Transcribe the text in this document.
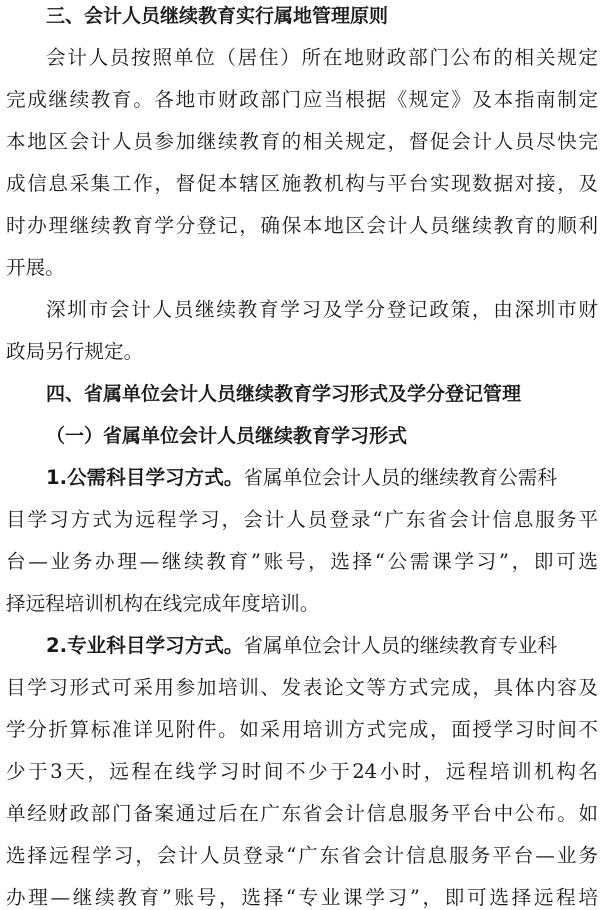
三、会计人员继续教育实行属地管理原则
会计人员按照单位（居住）所在地财政部门公布的相关规定
完成继续教育。各地市财政部门应当根据《规定》及本指南制定
本地区会计人员参加继续教育的相关规定，督促会计人员尽快完
成信息采集工作，督促本辖区施教机构与平台实现数据对接，及
时办理继续教育学分登记，确保本地区会计人员继续教育的顺利
开展。
深圳市会计人员继续教育学习及学分登记政策，由深圳市财
政局另行规定。
四、省属单位会计人员继续教育学习形式及学分登记管理
（一）省属单位会计人员继续教育学习形式
1.公需科目学习方式。省属单位会计人员的继续教育公需科
目学习方式为远程学习，会计人员登录“广东省会计信息服务平
台—业务办理—继续教育”账号，选择“公需课学习”，即可选
择远程培训机构在线完成年度培训。
2.专业科目学习方式。省属单位会计人员的继续教育专业科
目学习形式可采用参加培训、发表论文等方式完成，具体内容及
学分折算标准详见附件。如采用培训方式完成，面授学习时间不
少于3天，远程在线学习时间不少于24小时，远程培训机构名
单经财政部门备案通过后在广东省会计信息服务平台中公布。如
选择远程学习，会计人员登录“广东省会计信息服务平台—业务
办理—继续教育”账号，选择“专业课学习”，即可选择远程培
